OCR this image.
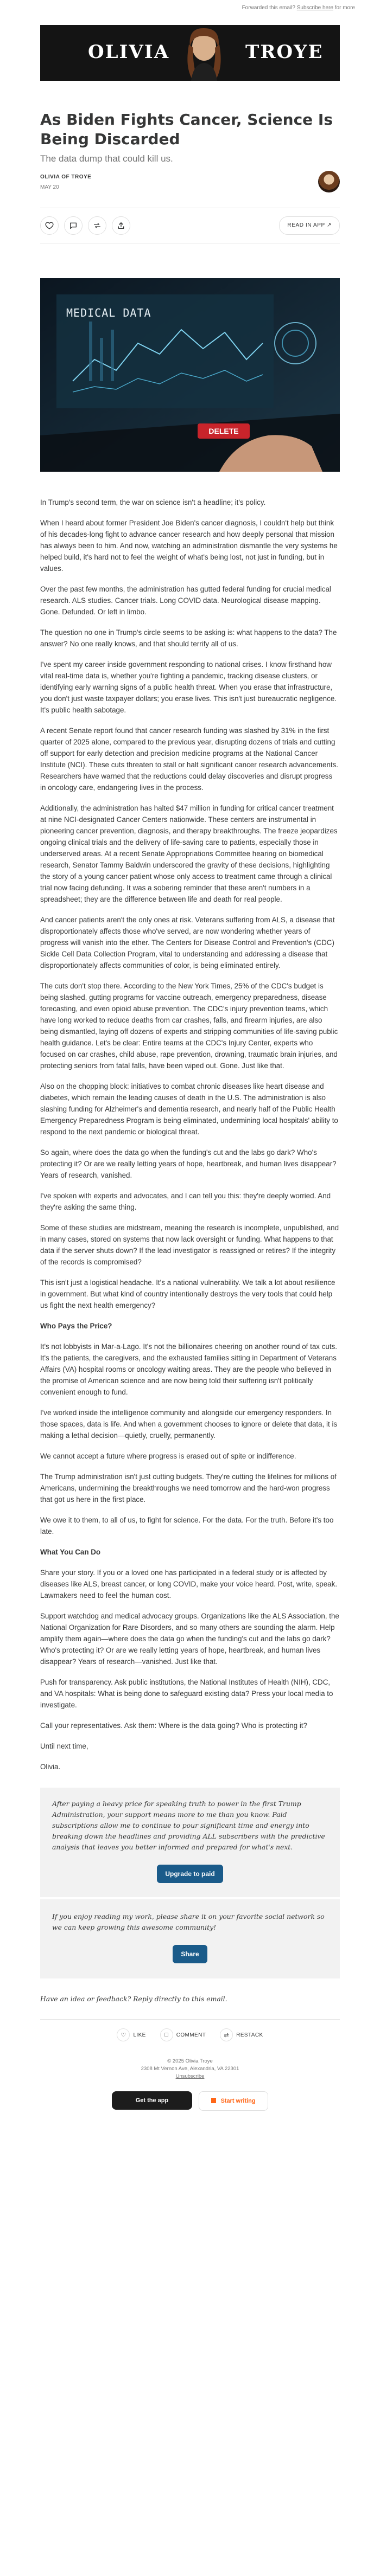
Forwarded this email? Subscribe here for more
OLIVIA	TROYE
As Biden Fights Cancer, Science Is Being Discarded
The data dump that could kill us.
OLIVIA OF TROYE
MAY 20
READ IN APP ↗
MEDICAL DATA
DELETE

In Trump's second term, the war on science isn't a headline; it's policy.

When I heard about former President Joe Biden's cancer diagnosis, I couldn't help but think of his decades-long fight to advance cancer research and how deeply personal that mission has always been to him. And now, watching an administration dismantle the very systems he helped build, it's hard not to feel the weight of what's being lost, not just in funding, but in values.

Over the past few months, the administration has gutted federal funding for crucial medical research. ALS studies. Cancer trials. Long COVID data. Neurological disease mapping. Gone. Defunded. Or left in limbo.

The question no one in Trump's circle seems to be asking is: what happens to the data? The answer? No one really knows, and that should terrify all of us.

I've spent my career inside government responding to national crises. I know firsthand how vital real-time data is, whether you're fighting a pandemic, tracking disease clusters, or identifying early warning signs of a public health threat. When you erase that infrastructure, you don't just waste taxpayer dollars; you erase lives. This isn't just bureaucratic negligence. It's public health sabotage.

A recent Senate report found that cancer research funding was slashed by 31% in the first quarter of 2025 alone, compared to the previous year, disrupting dozens of trials and cutting off support for early detection and precision medicine programs at the National Cancer Institute (NCI). These cuts threaten to stall or halt significant cancer research advancements. Researchers have warned that the reductions could delay discoveries and disrupt progress in oncology care, endangering lives in the process.

Additionally, the administration has halted $47 million in funding for critical cancer treatment at nine NCI-designated Cancer Centers nationwide. These centers are instrumental in pioneering cancer prevention, diagnosis, and therapy breakthroughs. The freeze jeopardizes ongoing clinical trials and the delivery of life-saving care to patients, especially those in underserved areas. At a recent Senate Appropriations Committee hearing on biomedical research, Senator Tammy Baldwin underscored the gravity of these decisions, highlighting the story of a young cancer patient whose only access to treatment came through a clinical trial now facing defunding. It was a sobering reminder that these aren't numbers in a spreadsheet; they are the difference between life and death for real people.

And cancer patients aren't the only ones at risk. Veterans suffering from ALS, a disease that disproportionately affects those who've served, are now wondering whether years of progress will vanish into the ether. The Centers for Disease Control and Prevention's (CDC) Sickle Cell Data Collection Program, vital to understanding and addressing a disease that disproportionately affects communities of color, is being eliminated entirely.

The cuts don't stop there. According to the New York Times, 25% of the CDC's budget is being slashed, gutting programs for vaccine outreach, emergency preparedness, disease forecasting, and even opioid abuse prevention. The CDC's injury prevention teams, which have long worked to reduce deaths from car crashes, falls, and firearm injuries, are also being dismantled, laying off dozens of experts and stripping communities of life-saving public health guidance. Let's be clear: Entire teams at the CDC's Injury Center, experts who focused on car crashes, child abuse, rape prevention, drowning, traumatic brain injuries, and protecting seniors from fatal falls, have been wiped out. Gone. Just like that.

Also on the chopping block: initiatives to combat chronic diseases like heart disease and diabetes, which remain the leading causes of death in the U.S. The administration is also slashing funding for Alzheimer's and dementia research, and nearly half of the Public Health Emergency Preparedness Program is being eliminated, undermining local hospitals' ability to respond to the next pandemic or biological threat.

So again, where does the data go when the funding's cut and the labs go dark? Who's protecting it? Or are we really letting years of hope, heartbreak, and human lives disappear? Years of research, vanished.

I've spoken with experts and advocates, and I can tell you this: they're deeply worried. And they're asking the same thing.

Some of these studies are midstream, meaning the research is incomplete, unpublished, and in many cases, stored on systems that now lack oversight or funding. What happens to that data if the server shuts down? If the lead investigator is reassigned or retires? If the integrity of the records is compromised?

This isn't just a logistical headache. It's a national vulnerability. We talk a lot about resilience in government. But what kind of country intentionally destroys the very tools that could help us fight the next health emergency?

Who Pays the Price?

It's not lobbyists in Mar-a-Lago. It's not the billionaires cheering on another round of tax cuts. It's the patients, the caregivers, and the exhausted families sitting in Department of Veterans Affairs (VA) hospital rooms or oncology waiting areas. They are the people who believed in the promise of American science and are now being told their suffering isn't politically convenient enough to fund.

I've worked inside the intelligence community and alongside our emergency responders. In those spaces, data is life. And when a government chooses to ignore or delete that data, it is making a lethal decision—quietly, cruelly, permanently.

We cannot accept a future where progress is erased out of spite or indifference.

The Trump administration isn't just cutting budgets. They're cutting the lifelines for millions of Americans, undermining the breakthroughs we need tomorrow and the hard-won progress that got us here in the first place.

We owe it to them, to all of us, to fight for science. For the data. For the truth. Before it's too late.

What You Can Do

Share your story. If you or a loved one has participated in a federal study or is affected by diseases like ALS, breast cancer, or long COVID, make your voice heard. Post, write, speak. Lawmakers need to feel the human cost.

Support watchdog and medical advocacy groups. Organizations like the ALS Association, the National Organization for Rare Disorders, and so many others are sounding the alarm. Help amplify them again—where does the data go when the funding's cut and the labs go dark? Who's protecting it? Or are we really letting years of hope, heartbreak, and human lives disappear? Years of research—vanished. Just like that.

Push for transparency. Ask public institutions, the National Institutes of Health (NIH), CDC, and VA hospitals: What is being done to safeguard existing data? Press your local media to investigate.

Call your representatives. Ask them: Where is the data going? Who is protecting it?

Until next time,

Olivia.

After paying a heavy price for speaking truth to power in the first Trump Administration, your support means more to me than you know. Paid subscriptions allow me to continue to pour significant time and energy into breaking down the headlines and providing ALL subscribers with the predictive analysis that leaves you better informed and prepared for what's next.
Upgrade to paid
If you enjoy reading my work, please share it on your favorite social network so we can keep growing this awesome community!
Share
Have an idea or feedback? Reply directly to this email.
♡	LIKE	□	COMMENT	⇄	RESTACK
© 2025 Olivia Troye
2308 Mt Vernon Ave, Alexandria, VA 22301
Unsubscribe
Get the app	Start writing
